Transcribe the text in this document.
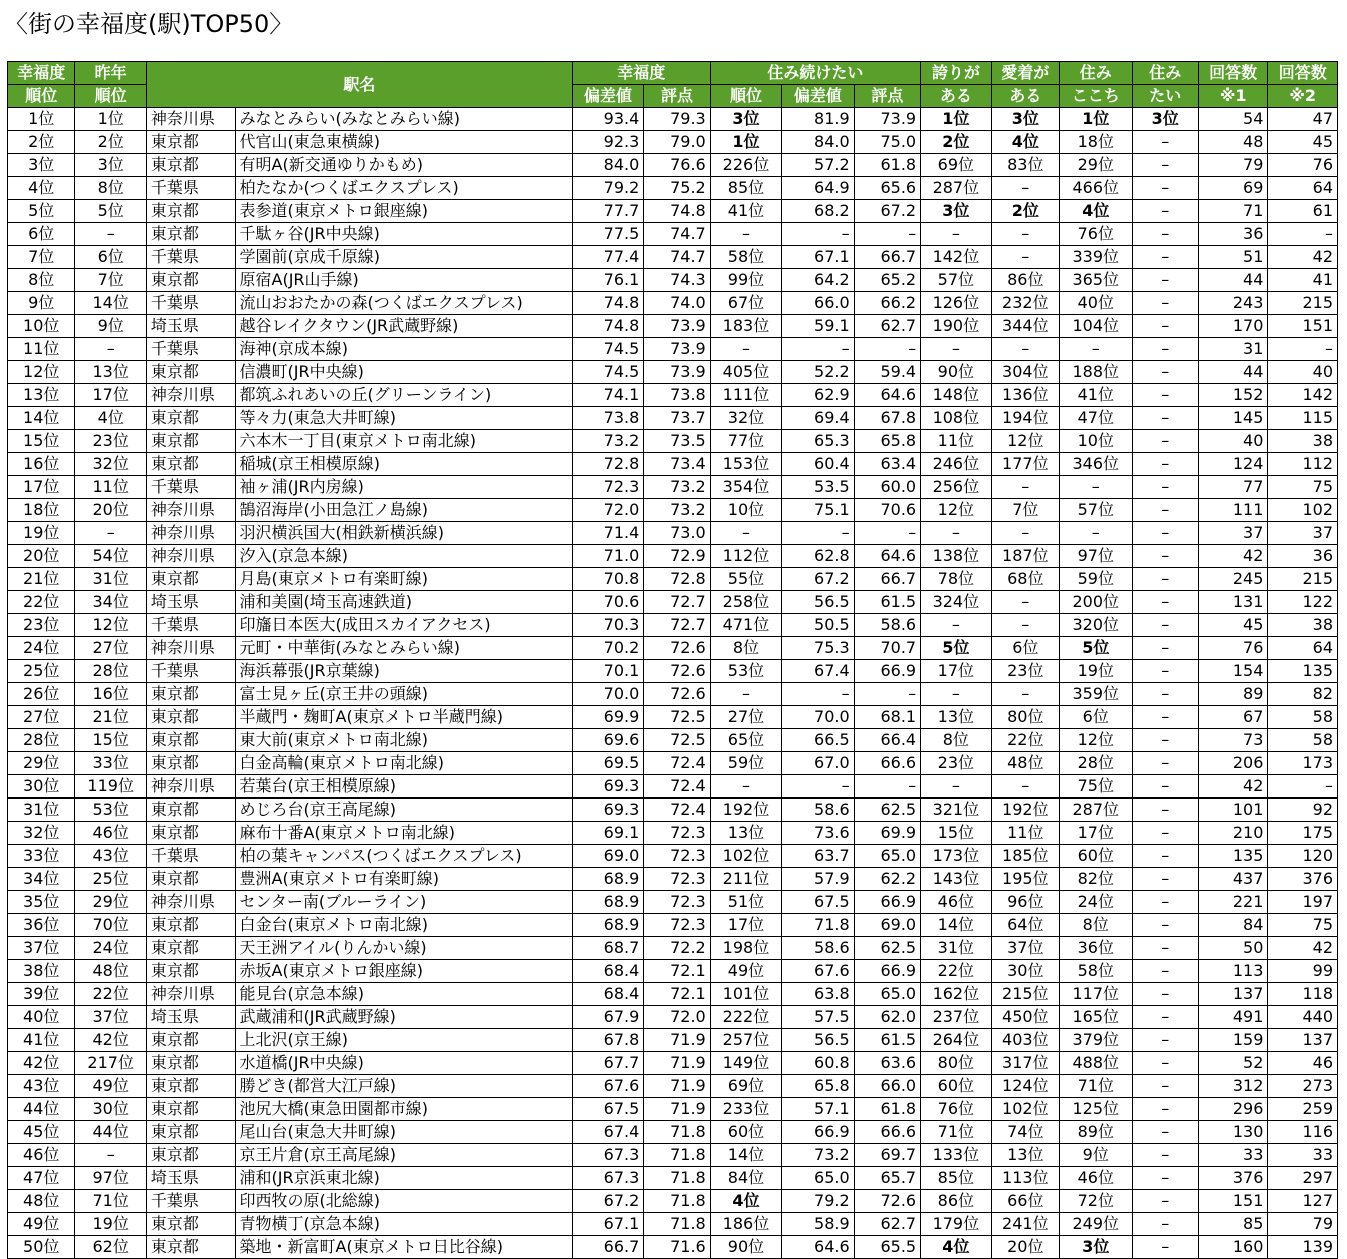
〈街の幸福度(駅)TOP50〉
幸福度	昨年	駅名		幸福度		住み続けたい			誇りが	愛着が	住み	住み	回答数	回答数
順位	順位			偏差値	評点	順位	偏差値	評点	ある	ある	ここち	たい	※1	※2
1位	1位	神奈川県	みなとみらい(みなとみらい線)	93.4	79.3	3位	81.9	73.9	1位	3位	1位	3位	54	47
2位	2位	東京都	代官山(東急東横線)	92.3	79.0	1位	84.0	75.0	2位	4位	18位	–	48	45
3位	3位	東京都	有明A(新交通ゆりかもめ)	84.0	76.6	226位	57.2	61.8	69位	83位	29位	–	79	76
4位	8位	千葉県	柏たなか(つくばエクスプレス)	79.2	75.2	85位	64.9	65.6	287位	–	466位	–	69	64
5位	5位	東京都	表参道(東京メトロ銀座線)	77.7	74.8	41位	68.2	67.2	3位	2位	4位	–	71	61
6位	–	東京都	千駄ヶ谷(JR中央線)	77.5	74.7	–	–	–	–	–	76位	–	36	–
7位	6位	千葉県	学園前(京成千原線)	77.4	74.7	58位	67.1	66.7	142位	–	339位	–	51	42
8位	7位	東京都	原宿A(JR山手線)	76.1	74.3	99位	64.2	65.2	57位	86位	365位	–	44	41
9位	14位	千葉県	流山おおたかの森(つくばエクスプレス)	74.8	74.0	67位	66.0	66.2	126位	232位	40位	–	243	215
10位	9位	埼玉県	越谷レイクタウン(JR武蔵野線)	74.8	73.9	183位	59.1	62.7	190位	344位	104位	–	170	151
11位	–	千葉県	海神(京成本線)	74.5	73.9	–	–	–	–	–	–	–	31	–
12位	13位	東京都	信濃町(JR中央線)	74.5	73.9	405位	52.2	59.4	90位	304位	188位	–	44	40
13位	17位	神奈川県	都筑ふれあいの丘(グリーンライン)	74.1	73.8	111位	62.9	64.6	148位	136位	41位	–	152	142
14位	4位	東京都	等々力(東急大井町線)	73.8	73.7	32位	69.4	67.8	108位	194位	47位	–	145	115
15位	23位	東京都	六本木一丁目(東京メトロ南北線)	73.2	73.5	77位	65.3	65.8	11位	12位	10位	–	40	38
16位	32位	東京都	稲城(京王相模原線)	72.8	73.4	153位	60.4	63.4	246位	177位	346位	–	124	112
17位	11位	千葉県	袖ヶ浦(JR内房線)	72.3	73.2	354位	53.5	60.0	256位	–	–	–	77	75
18位	20位	神奈川県	鵠沼海岸(小田急江ノ島線)	72.0	73.2	10位	75.1	70.6	12位	7位	57位	–	111	102
19位	–	神奈川県	羽沢横浜国大(相鉄新横浜線)	71.4	73.0	–	–	–	–	–	–	–	37	37
20位	54位	神奈川県	汐入(京急本線)	71.0	72.9	112位	62.8	64.6	138位	187位	97位	–	42	36
21位	31位	東京都	月島(東京メトロ有楽町線)	70.8	72.8	55位	67.2	66.7	78位	68位	59位	–	245	215
22位	34位	埼玉県	浦和美園(埼玉高速鉄道)	70.6	72.7	258位	56.5	61.5	324位	–	200位	–	131	122
23位	12位	千葉県	印旛日本医大(成田スカイアクセス)	70.3	72.7	471位	50.5	58.6	–	–	320位	–	45	38
24位	27位	神奈川県	元町・中華街(みなとみらい線)	70.2	72.6	8位	75.3	70.7	5位	6位	5位	–	76	64
25位	28位	千葉県	海浜幕張(JR京葉線)	70.1	72.6	53位	67.4	66.9	17位	23位	19位	–	154	135
26位	16位	東京都	富士見ヶ丘(京王井の頭線)	70.0	72.6	–	–	–	–	–	359位	–	89	82
27位	21位	東京都	半蔵門・麹町A(東京メトロ半蔵門線)	69.9	72.5	27位	70.0	68.1	13位	80位	6位	–	67	58
28位	15位	東京都	東大前(東京メトロ南北線)	69.6	72.5	65位	66.5	66.4	8位	22位	12位	–	73	58
29位	33位	東京都	白金高輪(東京メトロ南北線)	69.5	72.4	59位	67.0	66.6	23位	48位	28位	–	206	173
30位	119位	神奈川県	若葉台(京王相模原線)	69.3	72.4	–	–	–	–	–	75位	–	42	–
31位	53位	東京都	めじろ台(京王高尾線)	69.3	72.4	192位	58.6	62.5	321位	192位	287位	–	101	92
32位	46位	東京都	麻布十番A(東京メトロ南北線)	69.1	72.3	13位	73.6	69.9	15位	11位	17位	–	210	175
33位	43位	千葉県	柏の葉キャンパス(つくばエクスプレス)	69.0	72.3	102位	63.7	65.0	173位	185位	60位	–	135	120
34位	25位	東京都	豊洲A(東京メトロ有楽町線)	68.9	72.3	211位	57.9	62.2	143位	195位	82位	–	437	376
35位	29位	神奈川県	センター南(ブルーライン)	68.9	72.3	51位	67.5	66.9	46位	96位	24位	–	221	197
36位	70位	東京都	白金台(東京メトロ南北線)	68.9	72.3	17位	71.8	69.0	14位	64位	8位	–	84	75
37位	24位	東京都	天王洲アイル(りんかい線)	68.7	72.2	198位	58.6	62.5	31位	37位	36位	–	50	42
38位	48位	東京都	赤坂A(東京メトロ銀座線)	68.4	72.1	49位	67.6	66.9	22位	30位	58位	–	113	99
39位	22位	神奈川県	能見台(京急本線)	68.4	72.1	101位	63.8	65.0	162位	215位	117位	–	137	118
40位	37位	埼玉県	武蔵浦和(JR武蔵野線)	67.9	72.0	222位	57.5	62.0	237位	450位	165位	–	491	440
41位	42位	東京都	上北沢(京王線)	67.8	71.9	257位	56.5	61.5	264位	403位	379位	–	159	137
42位	217位	東京都	水道橋(JR中央線)	67.7	71.9	149位	60.8	63.6	80位	317位	488位	–	52	46
43位	49位	東京都	勝どき(都営大江戸線)	67.6	71.9	69位	65.8	66.0	60位	124位	71位	–	312	273
44位	30位	東京都	池尻大橋(東急田園都市線)	67.5	71.9	233位	57.1	61.8	76位	102位	125位	–	296	259
45位	44位	東京都	尾山台(東急大井町線)	67.4	71.8	60位	66.9	66.6	71位	74位	89位	–	130	116
46位	–	東京都	京王片倉(京王高尾線)	67.3	71.8	14位	73.2	69.7	133位	13位	9位	–	33	33
47位	97位	埼玉県	浦和(JR京浜東北線)	67.3	71.8	84位	65.0	65.7	85位	113位	46位	–	376	297
48位	71位	千葉県	印西牧の原(北総線)	67.2	71.8	4位	79.2	72.6	86位	66位	72位	–	151	127
49位	19位	東京都	青物横丁(京急本線)	67.1	71.8	186位	58.9	62.7	179位	241位	249位	–	85	79
50位	62位	東京都	築地・新富町A(東京メトロ日比谷線)	66.7	71.6	90位	64.6	65.5	4位	20位	3位	–	160	139
